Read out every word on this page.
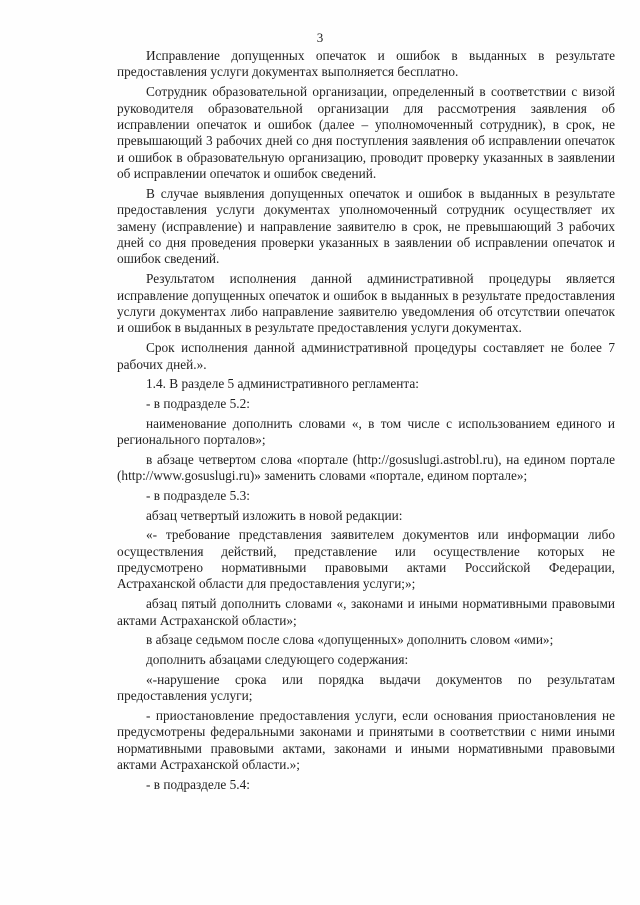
3

Исправление допущенных опечаток и ошибок в выданных в результате предоставления услуги документах выполняется бесплатно.

Сотрудник образовательной организации, определенный в соответствии с визой руководителя образовательной организации для рассмотрения заявления об исправлении опечаток и ошибок (далее – уполномоченный сотрудник), в срок, не превышающий 3 рабочих дней со дня поступления заявления об исправлении опечаток и ошибок в образовательную организацию, проводит проверку указанных в заявлении об исправлении опечаток и ошибок сведений.

В случае выявления допущенных опечаток и ошибок в выданных в результате предоставления услуги документах уполномоченный сотрудник осуществляет их замену (исправление) и направление заявителю в срок, не превышающий 3 рабочих дней со дня проведения проверки указанных в заявлении об исправлении опечаток и ошибок сведений.

Результатом исполнения данной административной процедуры является исправление допущенных опечаток и ошибок в выданных в результате предоставления услуги документах либо направление заявителю уведомления об отсутствии опечаток и ошибок в выданных в результате предоставления услуги документах.

Срок исполнения данной административной процедуры составляет не более 7 рабочих дней.».

1.4. В разделе 5 административного регламента:

- в подразделе 5.2:

наименование дополнить словами «, в том числе с использованием единого и регионального порталов»;

в абзаце четвертом слова «портале (http://gosuslugi.astrobl.ru), на едином портале (http://www.gosuslugi.ru)» заменить словами «портале, едином портале»;

- в подразделе 5.3:

абзац четвертый изложить в новой редакции:

«- требование представления заявителем документов или информации либо осуществления действий, представление или осуществление которых не предусмотрено нормативными правовыми актами Российской Федерации, Астраханской области для предоставления услуги;»;

абзац пятый дополнить словами «, законами и иными нормативными правовыми актами Астраханской области»;

в абзаце седьмом после слова «допущенных» дополнить словом «ими»;

дополнить абзацами следующего содержания:

«-нарушение срока или порядка выдачи документов по результатам предоставления услуги;

- приостановление предоставления услуги, если основания приостановления не предусмотрены федеральными законами и принятыми в соответствии с ними иными нормативными правовыми актами, законами и иными нормативными правовыми актами Астраханской области.»;

- в подразделе 5.4:
